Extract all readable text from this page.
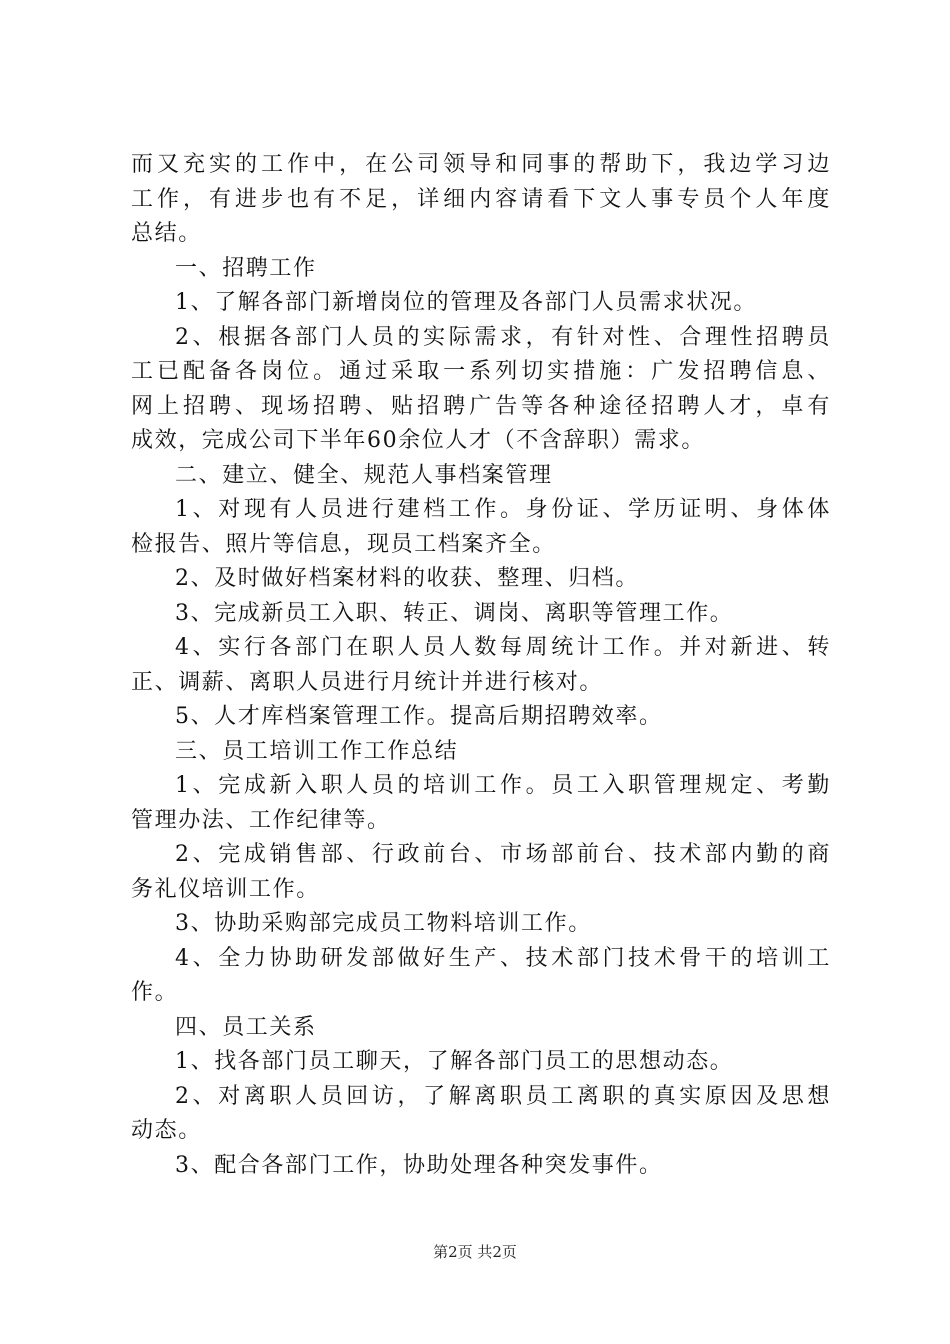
而又充实的工作中，在公司领导和同事的帮助下，我边学习边
工作，有进步也有不足，详细内容请看下文人事专员个人年度
总结。
一、招聘工作
1、了解各部门新增岗位的管理及各部门人员需求状况。
2、根据各部门人员的实际需求，有针对性、合理性招聘员
工已配备各岗位。通过采取一系列切实措施：广发招聘信息、
网上招聘、现场招聘、贴招聘广告等各种途径招聘人才，卓有
成效，完成公司下半年60余位人才（不含辞职）需求。
二、建立、健全、规范人事档案管理
1、对现有人员进行建档工作。身份证、学历证明、身体体
检报告、照片等信息，现员工档案齐全。
2、及时做好档案材料的收获、整理、归档。
3、完成新员工入职、转正、调岗、离职等管理工作。
4、实行各部门在职人员人数每周统计工作。并对新进、转
正、调薪、离职人员进行月统计并进行核对。
5、人才库档案管理工作。提高后期招聘效率。
三、员工培训工作工作总结
1、完成新入职人员的培训工作。员工入职管理规定、考勤
管理办法、工作纪律等。
2、完成销售部、行政前台、市场部前台、技术部内勤的商
务礼仪培训工作。
3、协助采购部完成员工物料培训工作。
4、全力协助研发部做好生产、技术部门技术骨干的培训工
作。
四、员工关系
1、找各部门员工聊天，了解各部门员工的思想动态。
2、对离职人员回访，了解离职员工离职的真实原因及思想
动态。
3、配合各部门工作，协助处理各种突发事件。
第2页 共2页
